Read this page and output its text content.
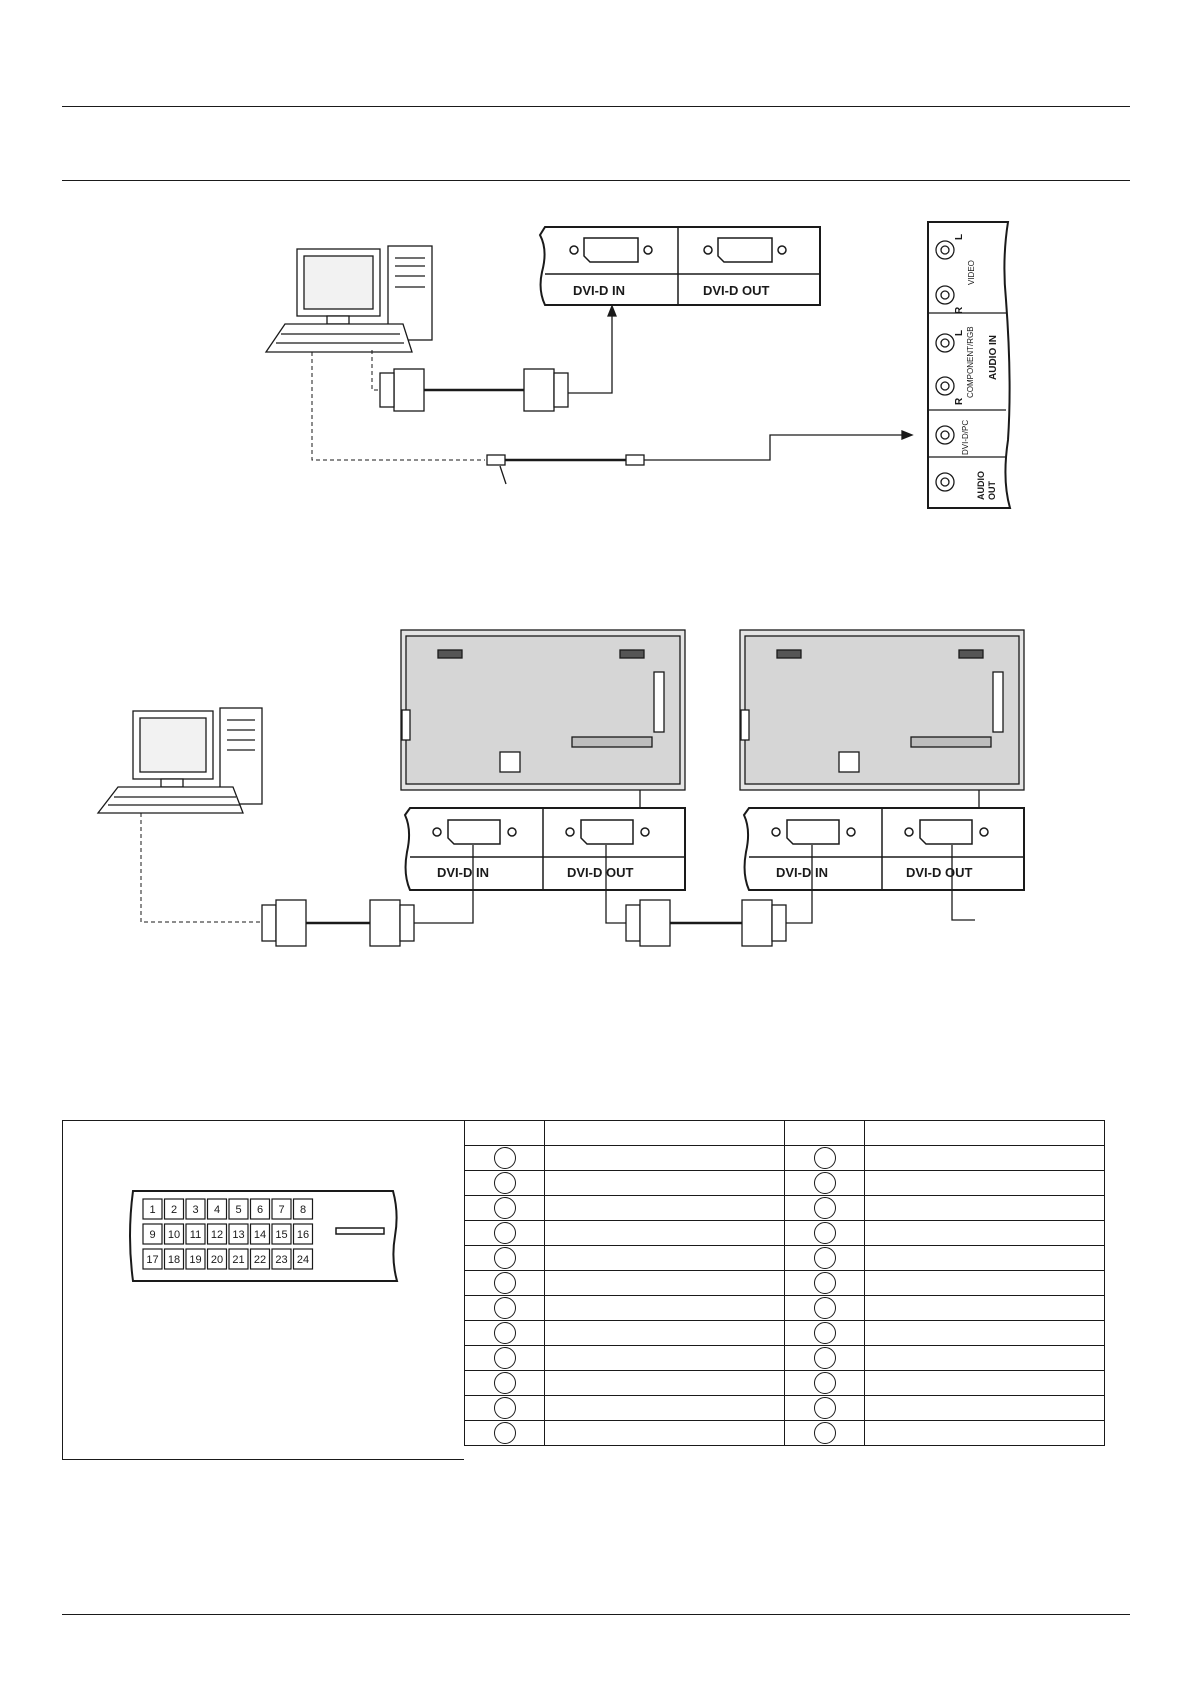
DVI-D IN	DVI-D OUT
L
R
VIDEO
L
R
COMPONENT/RGB AUDIO IN
DVI-D/PC
AUDIO OUT
DVI-D IN	DVI-D OUT	DVI-D IN	DVI-D OUT
1 2 3 4 5 6 7 8
9 10 11 12 13 14 15 16
17 18 19 20 21 22 23 24
